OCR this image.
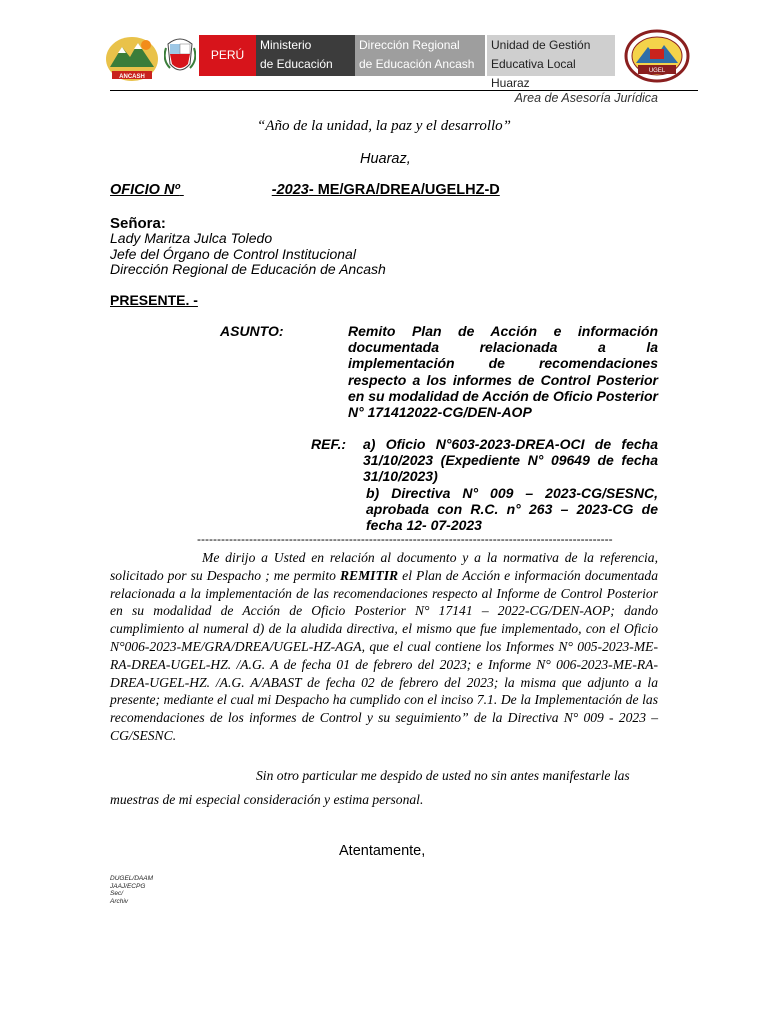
ANCASH
PERÚ
Ministerio
de Educación
Dirección Regional
de Educación Ancash
Unidad de Gestión
Educativa Local Huaraz
UGEL
Area de Asesoría Jurídica
“Año de la unidad, la paz y el desarrollo”
Huaraz,
OFICIO Nº	-2023- ME/GRA/DREA/UGELHZ-D
Señora:
Lady Maritza Julca Toledo
Jefe del Órgano de Control Institucional
Dirección Regional de Educación de Ancash
PRESENTE. -
ASUNTO:	Remito Plan de Acción e información documentada relacionada a la implementación de recomendaciones respecto a los informes de Control Posterior en su modalidad de Acción de Oficio Posterior N° 171412022-CG/DEN-AOP
REF.:	a) Oficio N°603-2023-DREA-OCI de fecha 31/10/2023 (Expediente N° 09649 de fecha 31/10/2023)
b) Directiva N° 009 – 2023-CG/SESNC, aprobada con R.C. n° 263 – 2023-CG de fecha 12- 07-2023
--------------------------------------------------------------------------------------------------------
Me dirijo a Usted en relación al documento y a la normativa de la referencia, solicitado por su Despacho ; me permito REMITIR el Plan de Acción e información documentada relacionada a la implementación de las recomendaciones respecto al Informe de Control Posterior en su modalidad de Acción de Oficio Posterior N° 17141 – 2022-CG/DEN-AOP; dando cumplimiento al numeral d) de la aludida directiva, el mismo que fue implementado, con el Oficio N°006-2023-ME/GRA/DREA/UGEL-HZ-AGA, que el cual contiene los Informes N° 005-2023-ME-RA-DREA-UGEL-HZ. /A.G. A de fecha 01 de febrero del 2023; e Informe N° 006-2023-ME-RA-DREA-UGEL-HZ. /A.G. A/ABAST de fecha 02 de febrero del 2023; la misma que adjunto a la presente; mediante el cual mi Despacho ha cumplido con el inciso 7.1. De la Implementación de las recomendaciones de los informes de Control y su seguimiento” de la Directiva N° 009 - 2023 –CG/SESNC.
Sin otro particular me despido de usted no sin antes manifestarle las muestras de mi especial consideración y estima personal.
Atentamente,
DUGEL/DAAM
JAAJ/ECPG
Sec/
Archiv
